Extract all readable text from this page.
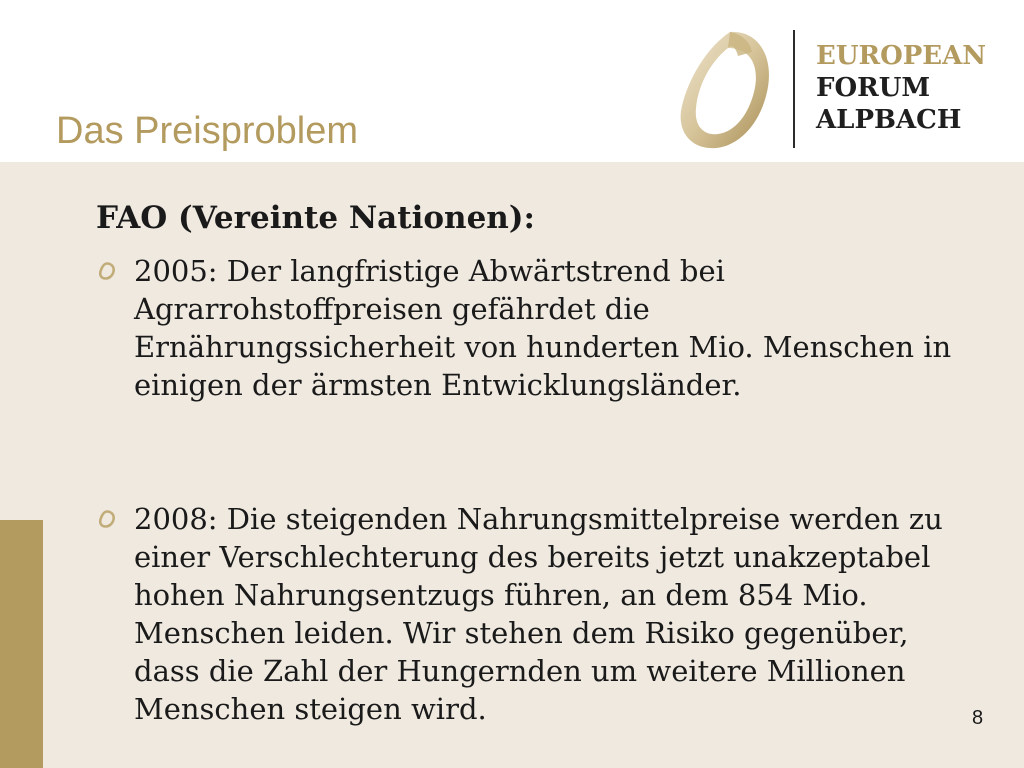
Das Preisproblem
EUROPEAN
FORUM
ALPBACH
FAO (Vereinte Nationen):
2005: Der langfristige Abwärtstrend bei Agrarrohstoffpreisen gefährdet die Ernährungssicherheit von hunderten Mio. Menschen in einigen der ärmsten Entwicklungsländer.
2008: Die steigenden Nahrungsmittelpreise werden zu einer Verschlechterung des bereits jetzt unakzeptabel hohen Nahrungsentzugs führen, an dem 854 Mio. Menschen leiden. Wir stehen dem Risiko gegenüber, dass die Zahl der Hungernden um weitere Millionen Menschen steigen wird.	8
